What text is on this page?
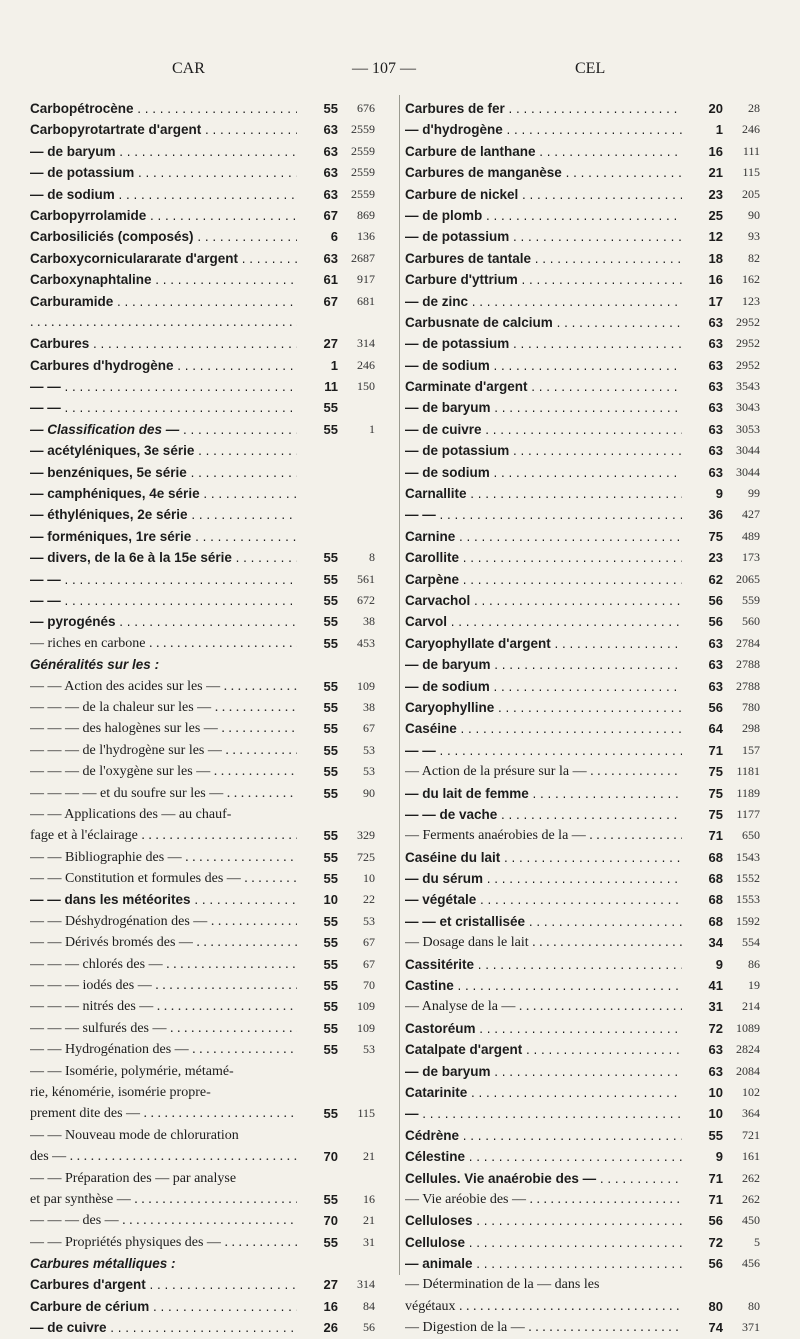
CAR	— 107 —	CEL
Carbopétrocène . . .	55	676
Carbopyrotartrate d'argent . . .	63	2559
— de baryum . . .	63	2559
— de potassium . . .	63	2559
— de sodium . . .	63	2559
Carbopyrrolamide . . .	67	869
Carbosiliciés (composés) . . .	6	136
Carboxycorniculararate d'argent . . .	63	2687
Carboxynaphtaline . . .	61	917
Carburamide . . .	67	681
. . .
Carbures . . .	27	314
Carbures d'hydrogène . . .	1	246
— — . . .	11	150
— — . . .	55
— Classification des — . . .	55	1
— acétyléniques, 3e série . . .
— benzéniques, 5e série . . .
— camphéniques, 4e série . . .
— éthyléniques, 2e série . . .
— forméniques, 1re série . . .
— divers, de la 6e à la 15e série . . .	55	8
— — . . .	55	561
— — . . .	55	672
— pyrogénés . . .	55	38
— riches en carbone . . .	55	453
Généralités sur les :
— — Action des acides sur les — . . .	55	109
— — — de la chaleur sur les — . . .	55	38
— — — des halogènes sur les — . . .	55	67
— — — de l'hydrogène sur les — . . .	55	53
— — — de l'oxygène sur les — . . .	55	53
— — — — et du soufre sur les — . . .	55	90
— — Applications des — au chauf-
fage et à l'éclairage . . .	55	329
— — Bibliographie des — . . .	55	725
— — Constitution et formules des — . . .	55	10
— — dans les météorites . . .	10	22
— — Déshydrogénation des — . . .	55	53
— — Dérivés bromés des — . . .	55	67
— — — chlorés des — . . .	55	67
— — — iodés des — . . .	55	70
— — — nitrés des — . . .	55	109
— — — sulfurés des — . . .	55	109
— — Hydrogénation des — . . .	55	53
— — Isomérie, polymérie, métamé-
rie, kénomérie, isomérie propre-
prement dite des — . . .	55	115
— — Nouveau mode de chloruration
des — . . .	70	21
— — Préparation des — par analyse
et par synthèse — . . .	55	16
— — — des — . . .	70	21
— — Propriétés physiques des — . . .	55	31
Carbures métalliques :
Carbures d'argent . . .	27	314
Carbure de cérium . . .	16	84
— de cuivre . . .	26	56
Carbures de fer . . .	20	28
— d'hydrogène . . .	1	246
Carbure de lanthane . . .	16	111
Carbures de manganèse . . .	21	115
Carbure de nickel . . .	23	205
— de plomb . . .	25	90
— de potassium . . .	12	93
Carbures de tantale . . .	18	82
Carbure d'yttrium . . .	16	162
— de zinc . . .	17	123
Carbusnate de calcium . . .	63	2952
— de potassium . . .	63	2952
— de sodium . . .	63	2952
Carminate d'argent . . .	63	3543
— de baryum . . .	63	3043
— de cuivre . . .	63	3053
— de potassium . . .	63	3044
— de sodium . . .	63	3044
Carnallite . . .	9	99
— — . . .	36	427
Carnine . . .	75	489
Carollite . . .	23	173
Carpène . . .	62	2065
Carvachol . . .	56	559
Carvol . . .	56	560
Caryophyllate d'argent . . .	63	2784
— de baryum . . .	63	2788
— de sodium . . .	63	2788
Caryophylline . . .	56	780
Caséine . . .	64	298
— — . . .	71	157
— Action de la présure sur la — . . .	75	1181
— du lait de femme . . .	75	1189
— — de vache . . .	75	1177
— Ferments anaérobies de la — . . .	71	650
Caséine du lait . . .	68	1543
— du sérum . . .	68	1552
— végétale . . .	68	1553
— — et cristallisée . . .	68	1592
— Dosage dans le lait . . .	34	554
Cassitérite . . .	9	86
Castine . . .	41	19
— Analyse de la — . . .	31	214
Castoréum . . .	72	1089
Catalpate d'argent . . .	63	2824
— de baryum . . .	63	2084
Catarinite . . .	10	102
— . . .	10	364
Cédrène . . .	55	721
Célestine . . .	9	161
Cellules. Vie anaérobie des — . . .	71	262
— Vie aréobie des — . . .	71	262
Celluloses . . .	56	450
Cellulose . . .	72	5
— animale . . .	56	456
— Détermination de la — dans les
végétaux . . .	80	80
— Digestion de la — . . .	74	371
